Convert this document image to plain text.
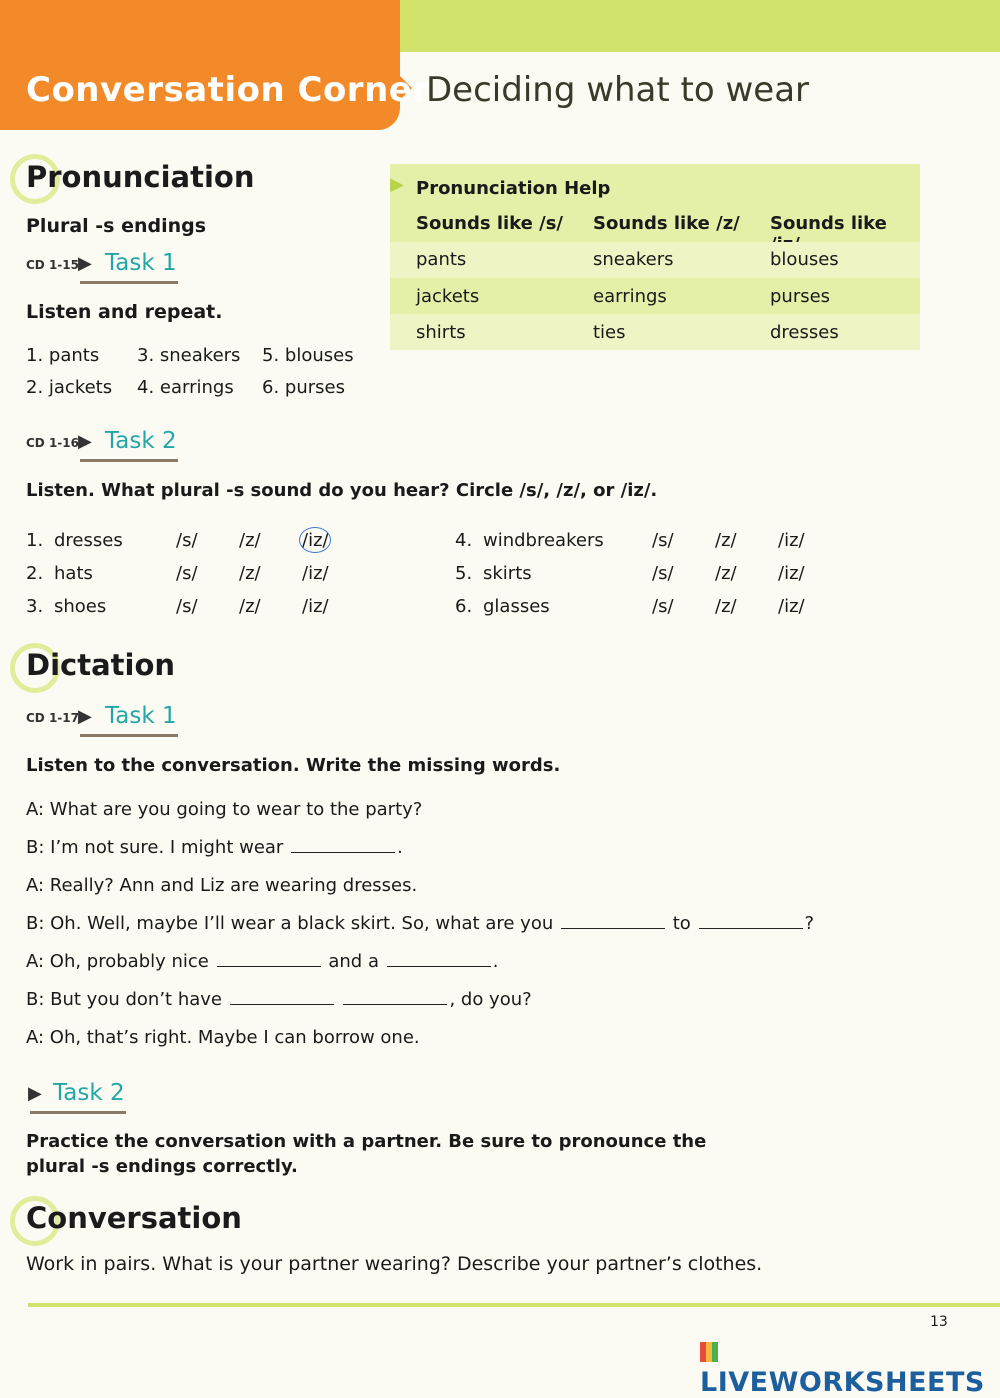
Conversation Corner
Deciding what to wear
Pronunciation
Plural -s endings
CD 1-15 ▶ Task 1
Listen and repeat.
1. pants 3. sneakers 5. blouses
2. jackets 4. earrings 6. purses
▶ Pronunciation Help
Sounds like /s/ Sounds like /z/ Sounds like
pants	sneakers	blouses
jackets	earrings	purses
shirts	ties	dresses
CD 1-16 ▶ Task 2
Listen. What plural -s sound do you hear? Circle /s/, /z/, or /iz/.
1. dresses	/s/ /z/ /iz/
2. hats	/s/ /z/ /iz/
3. shoes	/s/ /z/ /iz/
4. windbreakers	/s/ /z/ /iz/
5. skirts	/s/ /z/ /iz/
6. glasses	/s/ /z/ /iz/
Dictation
CD 1-17 ▶ Task 1
Listen to the conversation. Write the missing words.
A: What are you going to wear to the party?
B: I’m not sure. I might wear	.
A: Really? Ann and Liz are wearing dresses.
B: Oh. Well, maybe I’ll wear a black skirt. So, what are you	to	?
A: Oh, probably nice	and a	.
B: But you don’t have	, do you?
A: Oh, that’s right. Maybe I can borrow one.
▶ Task 2
Practice the conversation with a partner. Be sure to pronounce the
plural -s endings correctly.
Conversation
Work in pairs. What is your partner wearing? Describe your partner’s clothes.
13
LIVEWORKSHEETS
